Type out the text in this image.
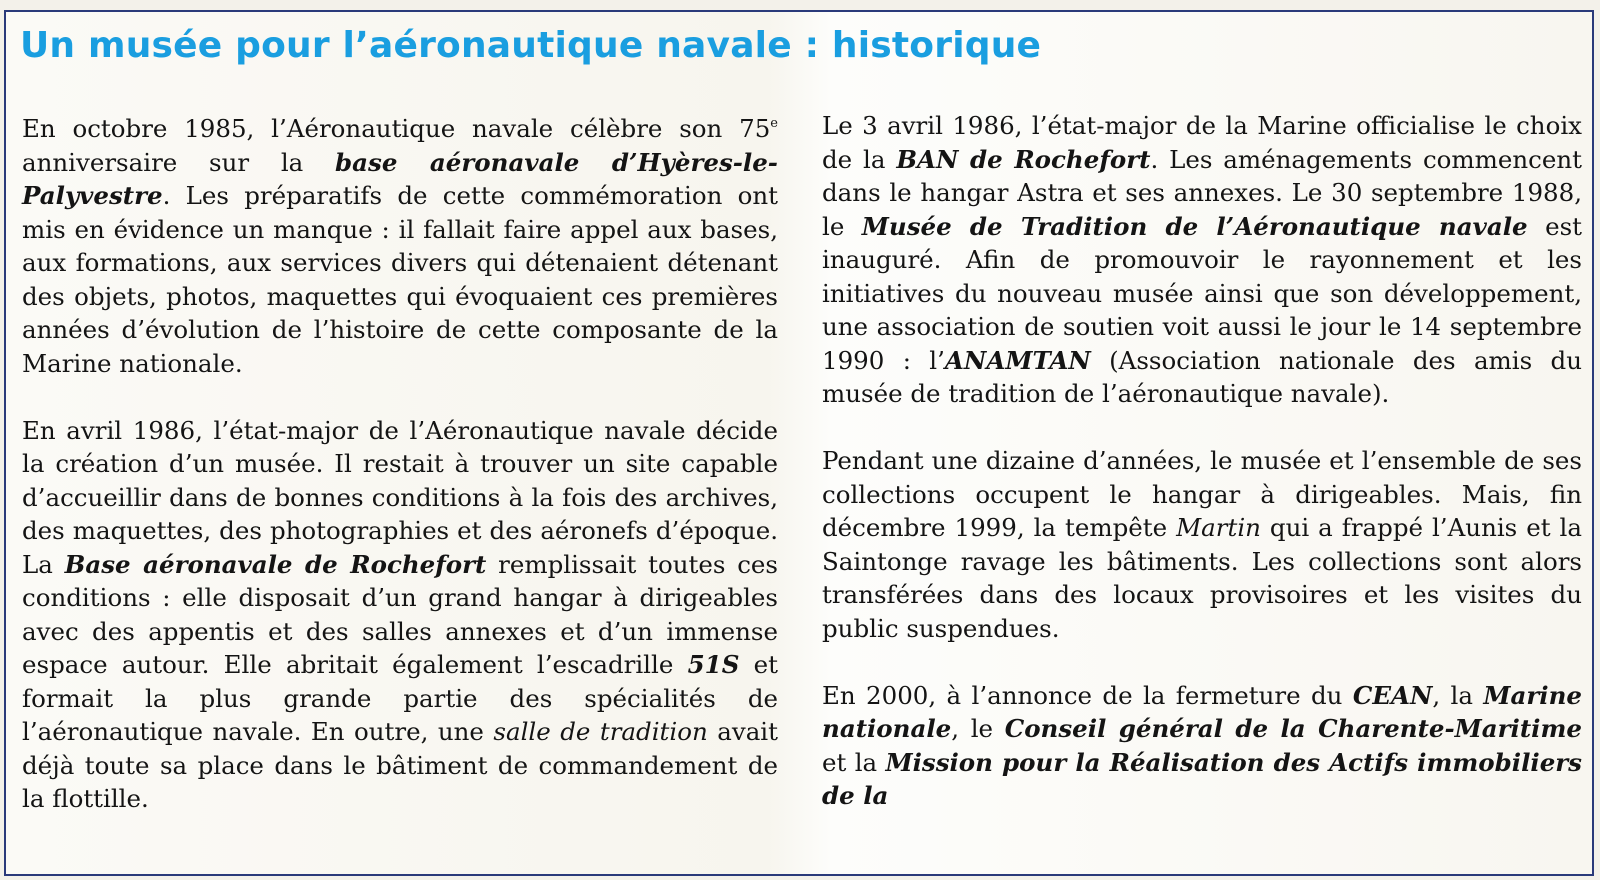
Un musée pour l’aéronautique navale : historique

En octobre 1985, l’Aéronautique navale célèbre son 75e anniversaire sur la base aéronavale d’Hyères-le-Palyvestre. Les préparatifs de cette commémoration ont mis en évidence un manque : il fallait faire appel aux bases, aux formations, aux services divers qui détenaient détenant des objets, photos, maquettes qui évoquaient ces premières années d’évolution de l’histoire de cette composante de la Marine nationale.

En avril 1986, l’état-major de l’Aéronautique navale décide la création d’un musée. Il restait à trouver un site capable d’accueillir dans de bonnes conditions à la fois des archives, des maquettes, des photographies et des aéronefs d’époque. La Base aéronavale de Rochefort remplissait toutes ces conditions : elle disposait d’un grand hangar à dirigeables avec des appentis et des salles annexes et d’un immense espace autour. Elle abritait également l’escadrille 51S et formait la plus grande partie des spécialités de l’aéronautique navale. En outre, une salle de tradition avait déjà toute sa place dans le bâtiment de commandement de la flottille.

Le 3 avril 1986, l’état-major de la Marine officialise le choix de la BAN de Rochefort. Les aménagements commencent dans le hangar Astra et ses annexes. Le 30 septembre 1988, le Musée de Tradition de l’Aéronautique navale est inauguré. Afin de promouvoir le rayonnement et les initiatives du nouveau musée ainsi que son développement, une association de soutien voit aussi le jour le 14 septembre 1990 : l’ANAMTAN (Association nationale des amis du musée de tradition de l’aéronautique navale).

Pendant une dizaine d’années, le musée et l’ensemble de ses collections occupent le hangar à dirigeables. Mais, fin décembre 1999, la tempête Martin qui a frappé l’Aunis et la Saintonge ravage les bâtiments. Les collections sont alors transférées dans des locaux provisoires et les visites du public suspendues.

En 2000, à l’annonce de la fermeture du CEAN, la Marine nationale, le Conseil général de la Charente-Maritime et la Mission pour la Réalisation des Actifs immobiliers de la
